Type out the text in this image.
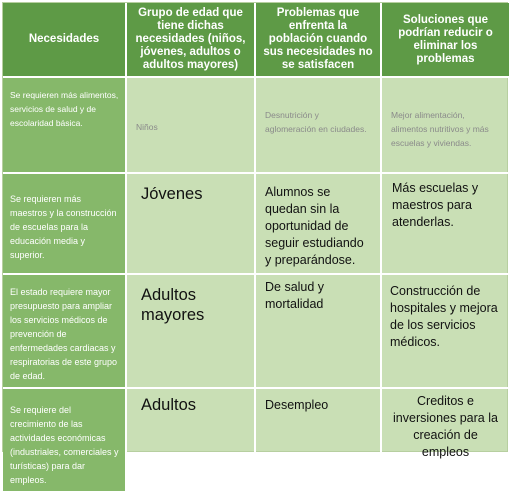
Necesidades	Grupo de edad que tiene dichas necesidades (niños, jóvenes, adultos o adultos mayores)	Problemas que enfrenta la población cuando sus necesidades no se satisfacen	Soluciones que podrían reducir o eliminar los problemas
Se requieren más alimentos, servicios de salud y de escolaridad básica.	Niños	Desnutrición y aglomeración en ciudades.	Mejor alimentación, alimentos nutritivos y más escuelas y viviendas.
Se requieren más maestros y la construcción de escuelas para la educación media y superior.	Jóvenes	Alumnos se quedan sin la oportunidad de seguir estudiando y preparándose.	Más escuelas y maestros para atenderlas.
El estado requiere mayor presupuesto para ampliar los servicios médicos de prevención de enfermedades cardiacas y respiratorias de este grupo de edad.	Adultos mayores	De salud y mortalidad	Construcción de hospitales y mejora de los servicios médicos.
Se requiere del crecimiento de las actividades económicas (industriales, comerciales y turísticas) para dar empleos.	Adultos	Desempleo	Creditos e inversiones para la creación de empleos
